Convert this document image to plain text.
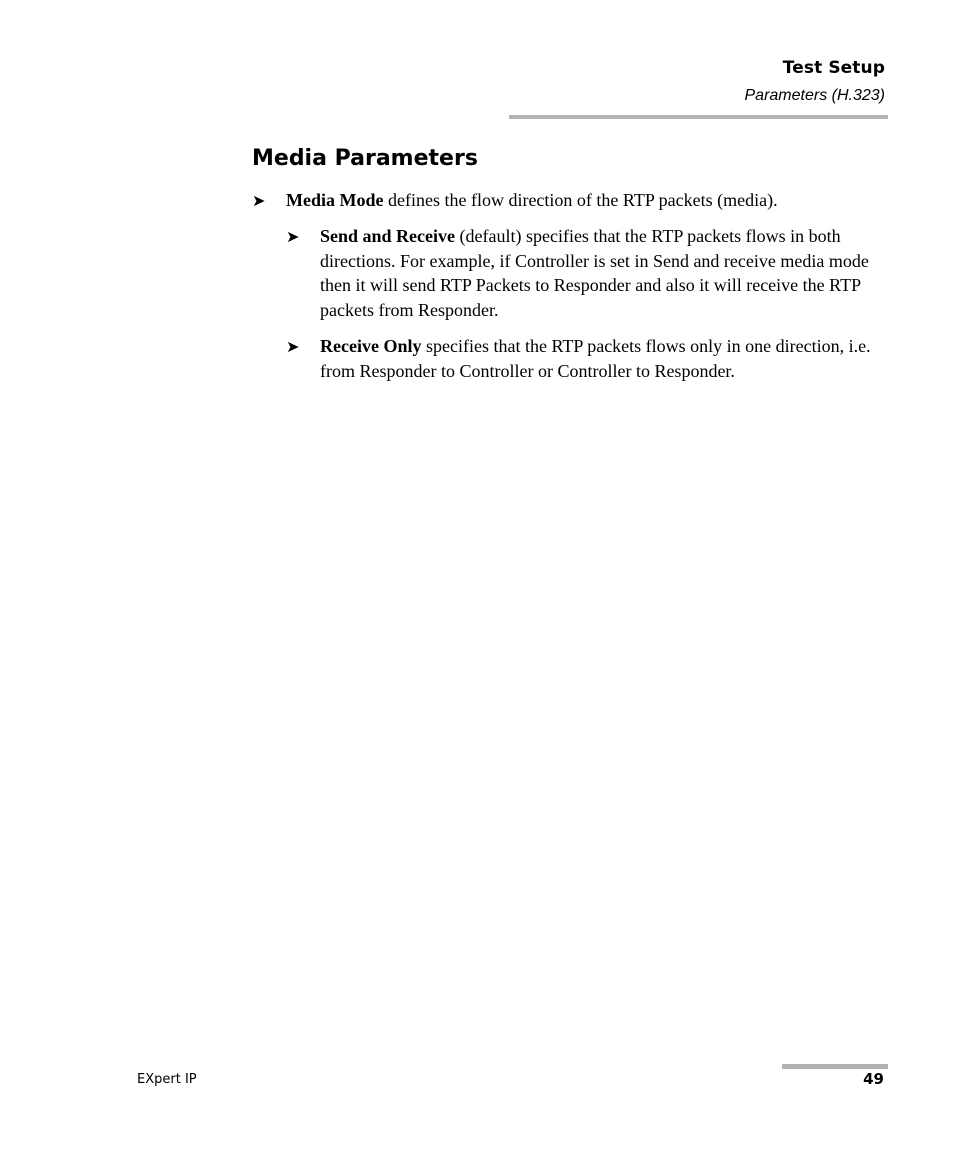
Test Setup
Parameters (H.323)
Media Parameters
➤	Media Mode defines the flow direction of the RTP packets (media).
➤	Send and Receive (default) specifies that the RTP packets flows in both directions. For example, if Controller is set in Send and receive media mode then it will send RTP Packets to Responder and also it will receive the RTP packets from Responder.
➤	Receive Only specifies that the RTP packets flows only in one direction, i.e. from Responder to Controller or Controller to Responder.
EXpert IP	49
